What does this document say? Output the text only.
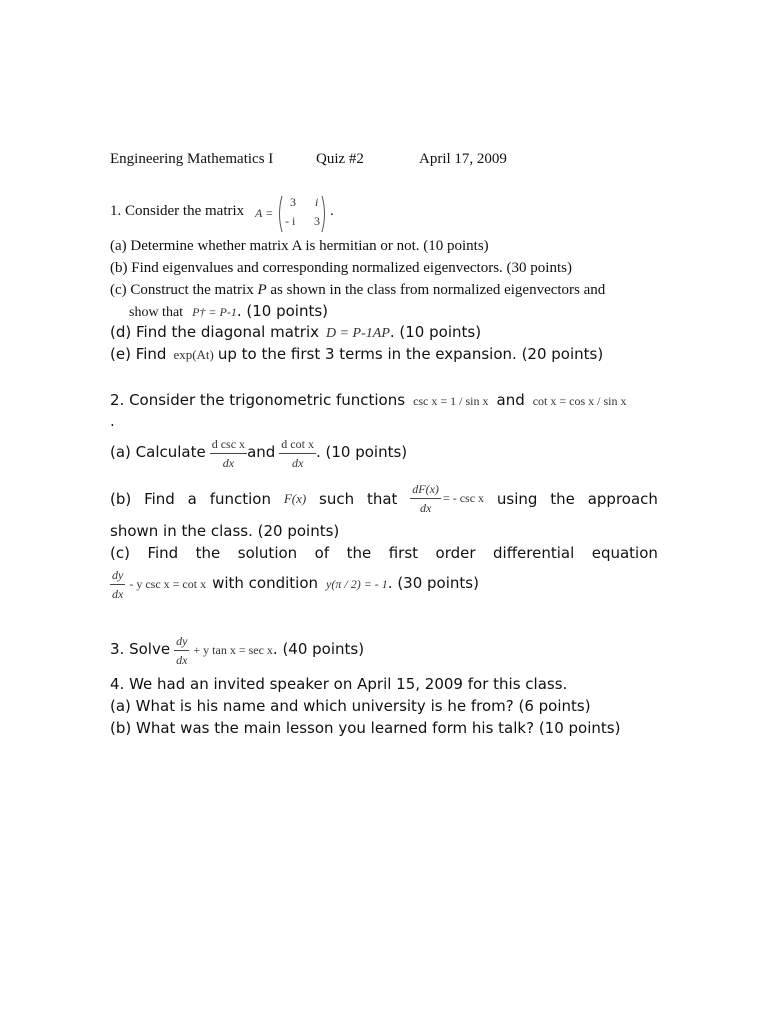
Engineering Mathematics I	Quiz #2	April 17, 2009
1. Consider the matrix A =
3 i
- i 3
.
(a) Determine whether matrix A is hermitian or not. (10 points)
(b) Find eigenvalues and corresponding normalized eigenvectors. (30 points)
(c) Construct the matrix P as shown in the class from normalized eigenvectors and
show that P† = P-1. (10 points)
(d) Find the diagonal matrix D = P-1AP. (10 points)
(e) Find exp(At) up to the first 3 terms in the expansion. (20 points)
2. Consider the trigonometric functions csc x = 1 / sin x and cot x = cos x / sin x
.
(a) Calculate $\frac{\text{d csc x}}{dx}$ and $\frac{\text{d cot x}}{dx}$ . (10 points)
(b) Find a function F(x) such that $\frac{dF(x)}{dx}$ = - csc x using the approach
shown in the class. (20 points)
(c) Find the solution of the first order differential equation
$\frac{dy}{dx}$ - y csc x = cot x with condition y(π / 2) = - 1. (30 points)
3. Solve $\frac{dy}{dx} + y$ tan x = sec x. (40 points)
4. We had an invited speaker on April 15, 2009 for this class.
(a) What is his name and which university is he from? (6 points)
(b) What was the main lesson you learned form his talk? (10 points)
